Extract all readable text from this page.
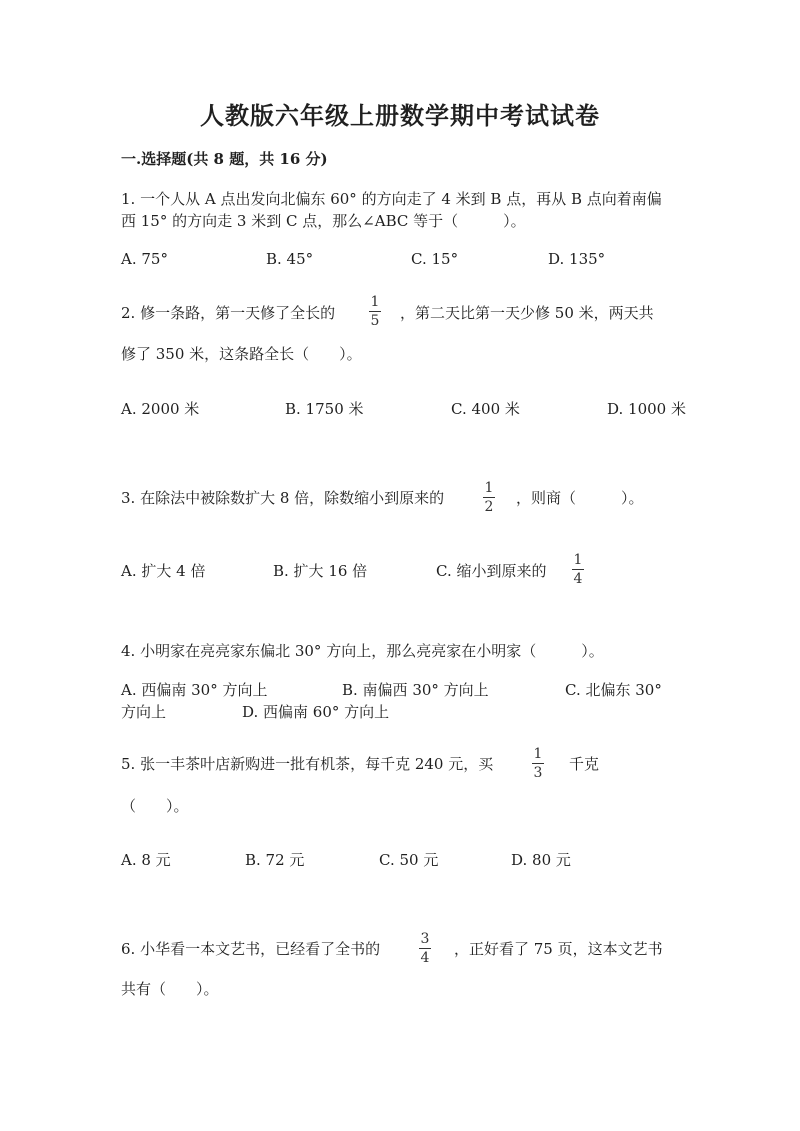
人教版六年级上册数学期中考试试卷
一.选择题(共 8 题，共 16 分)
1. 一个人从 A 点出发向北偏东 60° 的方向走了 4 米到 B 点，再从 B 点向着南偏
西 15° 的方向走 3 米到 C 点，那么∠ABC 等于（　　　）。
A. 75°	B. 45°	C. 15°	D. 135°
2. 修一条路，第一天修了全长的
1
5 ，第二天比第一天少修 50 米，两天共
修了 350 米，这条路全长（　　）。
A. 2000 米	B. 1750 米	C. 400 米	D. 1000 米
3. 在除法中被除数扩大 8 倍，除数缩小到原来的
1
2 ，则商（　　　）。
A. 扩大 4 倍	B. 扩大 16 倍	C. 缩小到原来的
1
4
4. 小明家在亮亮家东偏北 30° 方向上，那么亮亮家在小明家（　　　）。
A. 西偏南 30° 方向上	B. 南偏西 30° 方向上	C. 北偏东 30°
方向上	D. 西偏南 60° 方向上
5. 张一丰茶叶店新购进一批有机茶，每千克 240 元，买
1
3 千克
（　　）。
A. 8 元	B. 72 元	C. 50 元	D. 80 元
6. 小华看一本文艺书，已经看了全书的
3
4 ，正好看了 75 页，这本文艺书
共有（　　）。
